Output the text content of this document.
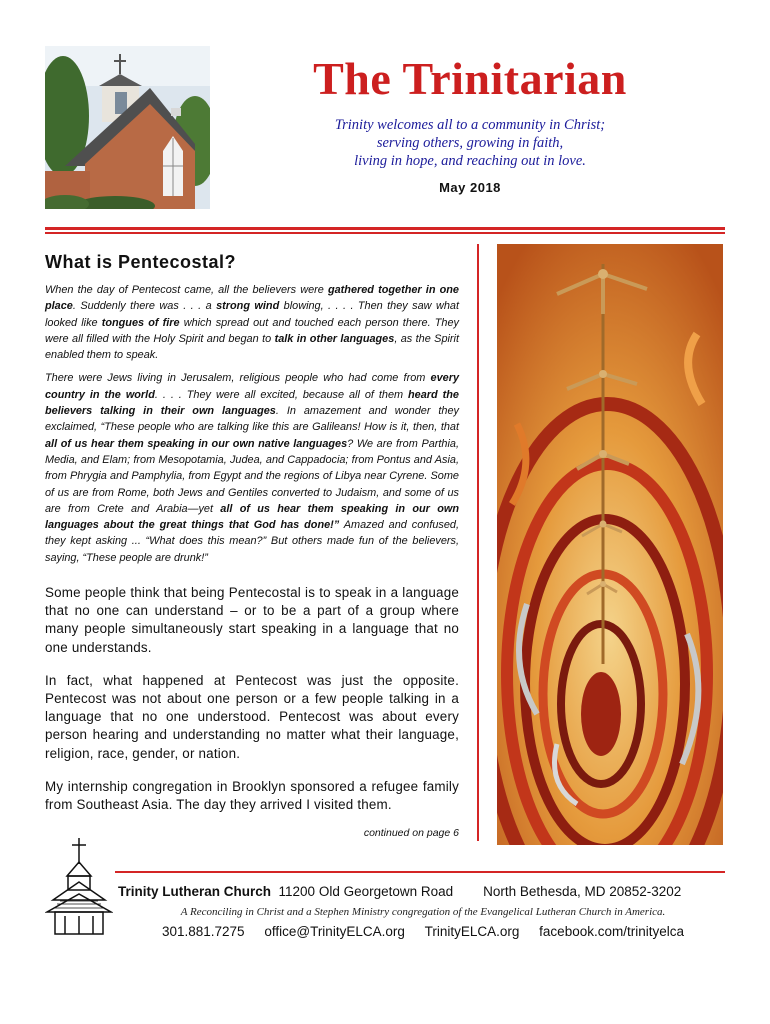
The Trinitarian
Trinity welcomes all to a community in Christ;
serving others, growing in faith,
living in hope, and reaching out in love.
May 2018
What is Pentecostal?

When the day of Pentecost came, all the believers were gathered together in one place. Suddenly there was . . . a strong wind blowing, . . . . Then they saw what looked like tongues of fire which spread out and touched each person there. They were all filled with the Holy Spirit and began to talk in other languages, as the Spirit enabled them to speak.

There were Jews living in Jerusalem, religious people who had come from every country in the world. . . . They were all excited, because all of them heard the believers talking in their own languages. In amazement and wonder they exclaimed, “These people who are talking like this are Galileans! How is it, then, that all of us hear them speaking in our own native languages? We are from Parthia, Media, and Elam; from Mesopotamia, Judea, and Cappadocia; from Pontus and Asia, from Phrygia and Pamphylia, from Egypt and the regions of Libya near Cyrene. Some of us are from Rome, both Jews and Gentiles converted to Judaism, and some of us are from Crete and Arabia—yet all of us hear them speaking in our own languages about the great things that God has done!” Amazed and confused, they kept asking ... “What does this mean?” But others made fun of the believers, saying, “These people are drunk!”

Some people think that being Pentecostal is to speak in a language that no one can understand – or to be a part of a group where many people simultaneously start speaking in a language that no one understands.

In fact, what happened at Pentecost was just the opposite. Pentecost was not about one person or a few people talking in a language that no one understood. Pentecost was about every person hearing and understanding no matter what their language, religion, race, gender, or nation.

My internship congregation in Brooklyn sponsored a refugee family from Southeast Asia. The day they arrived I visited them.

continued on page 6
Trinity Lutheran Church 11200 Old Georgetown Road North Bethesda, MD 20852-3202
A Reconciling in Christ and a Stephen Ministry congregation of the Evangelical Lutheran Church in America.
301.881.7275 office@TrinityELCA.org TrinityELCA.org facebook.com/trinityelca
